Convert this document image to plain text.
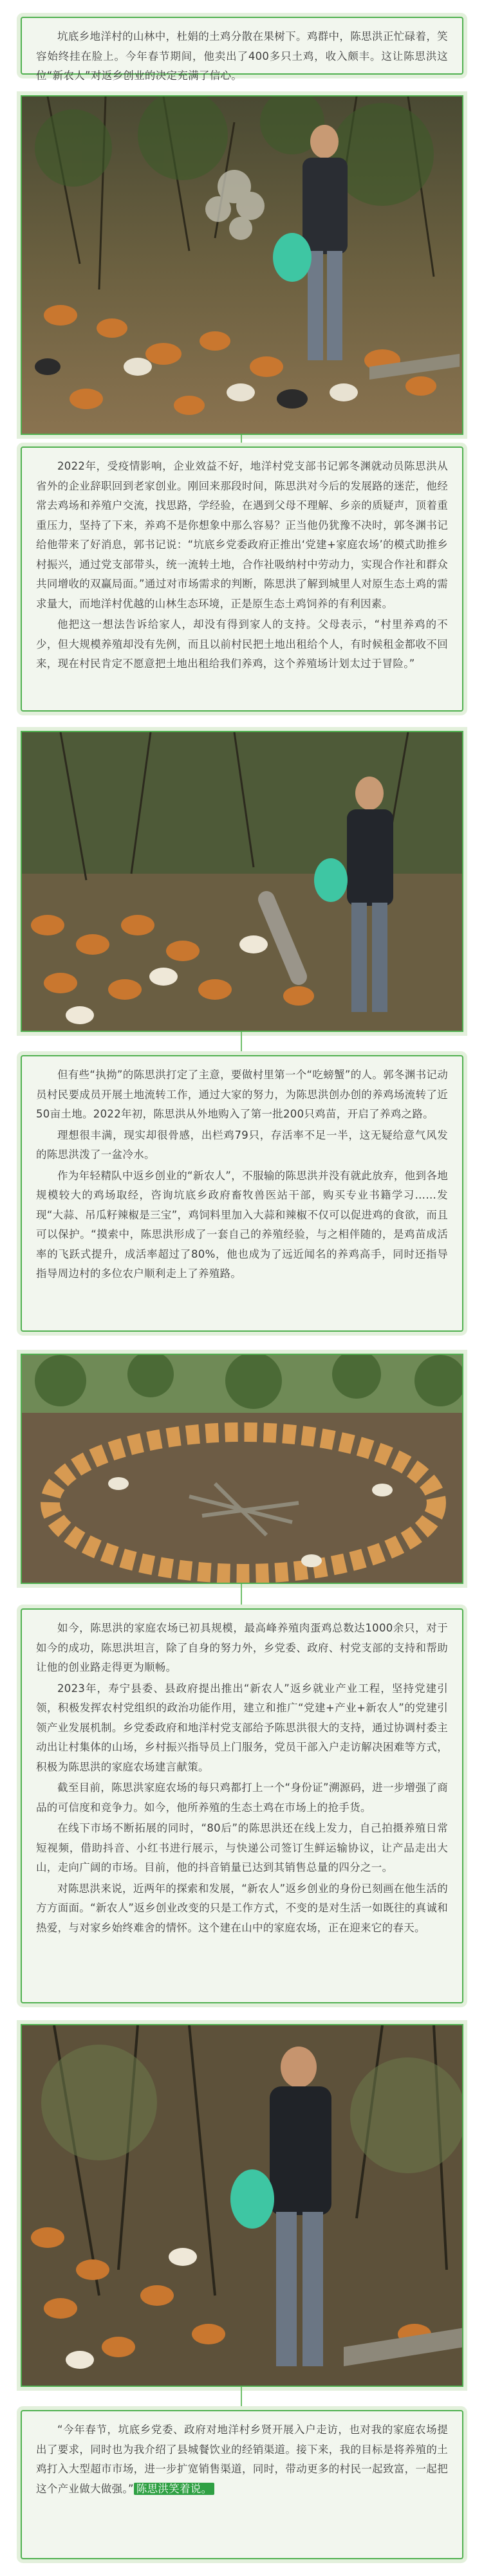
坑底乡地洋村的山林中，杜娟的土鸡分散在果树下。鸡群中，陈思洪正忙碌着，笑容始终挂在脸上。今年春节期间，他卖出了400多只土鸡，收入颇丰。这让陈思洪这位“新农人”对返乡创业的决定充满了信心。

2022年，受疫情影响，企业效益不好，地洋村党支部书记郭冬渊就动员陈思洪从省外的企业辞职回到老家创业。刚回来那段时间，陈思洪对今后的发展路的迷茫，他经常去鸡场和养殖户交流，找思路，学经验，在遇到父母不理解、乡亲的质疑声，顶着重重压力，坚持了下来，养鸡不是你想象中那么容易？正当他仍犹豫不决时，郭冬渊书记给他带来了好消息，郭书记说：“坑底乡党委政府正推出‘党建+家庭农场’的模式助推乡村振兴，通过党支部带头，统一流转土地，合作社吸纳村中劳动力，实现合作社和群众共同增收的双赢局面。”通过对市场需求的判断，陈思洪了解到城里人对原生态土鸡的需求量大，而地洋村优越的山林生态环境，正是原生态土鸡饲养的有利因素。

他把这一想法告诉给家人，却没有得到家人的支持。父母表示，“村里养鸡的不少，但大规模养殖却没有先例，而且以前村民把土地出租给个人，有时候租金都收不回来，现在村民肯定不愿意把土地出租给我们养鸡，这个养殖场计划太过于冒险。”

但有些“执拗”的陈思洪打定了主意，要做村里第一个“吃螃蟹”的人。郭冬渊书记动员村民要成员开展土地流转工作，通过大家的努力，为陈思洪创办创的养鸡场流转了近50亩土地。2022年初，陈思洪从外地购入了第一批200只鸡苗，开启了养鸡之路。

理想很丰满，现实却很骨感，出栏鸡79只，存活率不足一半，这无疑给意气风发的陈思洪泼了一盆冷水。

作为年轻精队中返乡创业的“新农人”，不服输的陈思洪并没有就此放弃，他到各地规模较大的鸡场取经，咨询坑底乡政府畜牧兽医站干部，购买专业书籍学习……发现“大蒜、吊瓜籽辣椒是三宝”，鸡饲料里加入大蒜和辣椒不仅可以促进鸡的食欲，而且可以保护。“摸索中，陈思洪形成了一套自己的养殖经验，与之相伴随的，是鸡苗成活率的飞跃式提升，成活率超过了80%，他也成为了远近闻名的养鸡高手，同时还指导指导周边村的多位农户顺利走上了养殖路。

如今，陈思洪的家庭农场已初具规模，最高峰养殖肉蛋鸡总数达1000余只，对于如今的成功，陈思洪坦言，除了自身的努力外，乡党委、政府、村党支部的支持和帮助让他的创业路走得更为顺畅。

2023年，寿宁县委、县政府提出推出“新农人”返乡就业产业工程，坚持党建引领，积极发挥农村党组织的政治功能作用，建立和推广“党建+产业+新农人”的党建引领产业发展机制。乡党委政府和地洋村党支部给予陈思洪很大的支持，通过协调村委主动出让村集体的山场，乡村振兴指导员上门服务，党员干部入户走访解决困难等方式，积极为陈思洪的家庭农场建言献策。

截至目前，陈思洪家庭农场的每只鸡都打上一个“身份证”溯源码，进一步增强了商品的可信度和竞争力。如今，他所养殖的生态土鸡在市场上的抢手货。

在线下市场不断拓展的同时，“80后”的陈思洪还在线上发力，自己拍摄养殖日常短视频，借助抖音、小红书进行展示，与快递公司签订生鲜运输协议，让产品走出大山，走向广阔的市场。目前，他的抖音销量已达到其销售总量的四分之一。

对陈思洪来说，近两年的探索和发展，“新农人”返乡创业的身份已刻画在他生活的方方面面。“新农人”返乡创业改变的只是工作方式，不变的是对生活一如既往的真诚和热爱，与对家乡始终难舍的情怀。这个建在山中的家庭农场，正在迎来它的春天。

“今年春节，坑底乡党委、政府对地洋村乡贤开展入户走访，也对我的家庭农场提出了要求，同时也为我介绍了县城餐饮业的经销渠道。接下来，我的目标是将养殖的土鸡打入大型超市市场，进一步扩宽销售渠道，同时，带动更多的村民一起致富，一起把这个产业做大做强。” 陈思洪笑着说。
